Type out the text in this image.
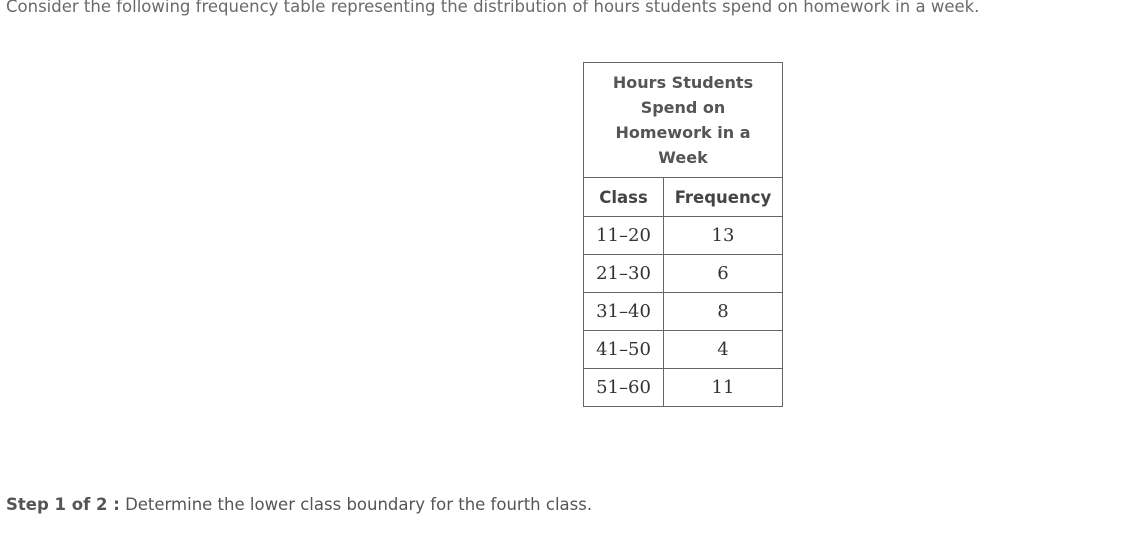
Consider the following frequency table representing the distribution of hours students spend on homework in a week.
Hours Students Spend on Homework in a Week	
Class	Frequency
11–20	13
21–30	6
31–40	8
41–50	4
51–60	11
Step 1 of 2 : Determine the lower class boundary for the fourth class.
